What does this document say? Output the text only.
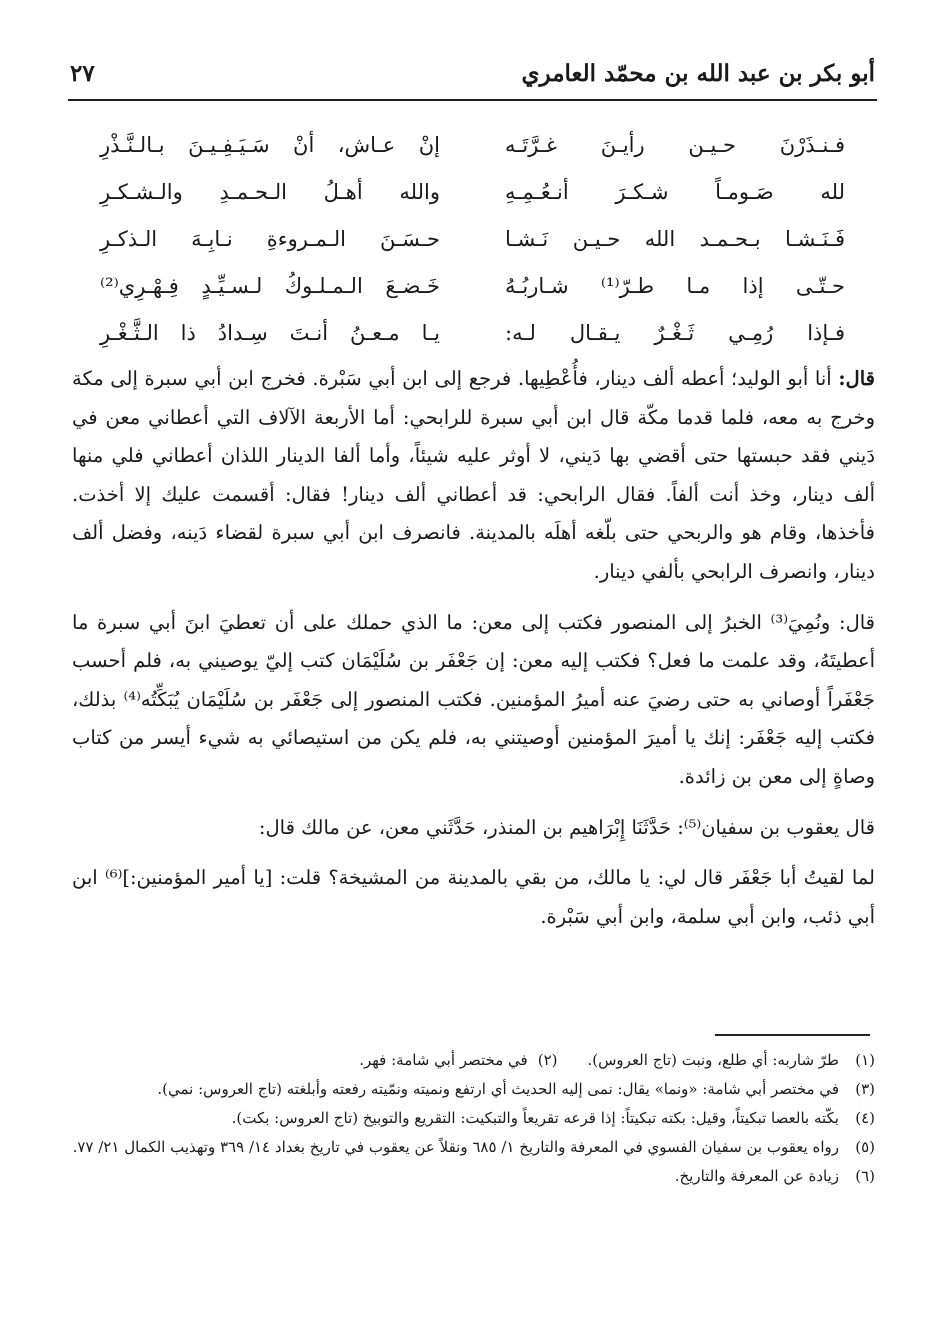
أبو بكر بن عبد الله بن محمّد العامري
٢٧
فـنـذَرْنَ حـيـن رأيـنَ غـرَّتَـه
إنْ عـاش، أنْ سَـيَـفِـيـنَ بـالـنَّـذْرِ
لله صَـومـاً شـكـرَ أنـعُـمِـهِ
والله أهـلُ الـحـمـدِ والـشـكـرِ
فَـنَـشـا بـحـمـد الله حـيـن نَـشـا
حـسَـنَ الـمـروءةِ نـابِـهَ الـذكـرِ
حـتّـى إذا مـا طـرّ⁽¹⁾ شـاربُـهُ
خَـضـعَ الـمـلـوكُ لـسـيِّـدٍ فِـهْـرِي⁽²⁾
فـإذا رُمِـي ثَـغْـرٌ يـقـال لـه:
يـا مـعـنُ أنـتَ سِـدادُ ذا الـثَّـغْـرِ

قال: أنا أبو الوليد؛ أعطه ألف دينار، فأُعْطِيها. فرجع إلى ابن أبي سَبْرة. فخرج ابن أبي سبرة إلى مكة وخرج به معه، فلما قدما مكّة قال ابن أبي سبرة للرابحي: أما الأربعة الآلاف التي أعطاني معن في دَيني فقد حبستها حتى أقضي بها دَيني، لا أوثر عليه شيئاً، وأما ألفا الدينار اللذان أعطاني فلي منها ألف دينار، وخذ أنت ألفاً. فقال الرابحي: قد أعطاني ألف دينار! فقال: أقسمت عليك إلا أخذت. فأخذها، وقام هو والربحي حتى بلّغه أهلَه بالمدينة. فانصرف ابن أبي سبرة لقضاء دَينه، وفضل ألف دينار، وانصرف الرابحي بألفي دينار.

قال: ونُمِيَ⁽³⁾ الخبرُ إلى المنصور فكتب إلى معن: ما الذي حملك على أن تعطيَ ابنَ أبي سبرة ما أعطيتَهُ، وقد علمت ما فعل؟ فكتب إليه معن: إن جَعْفَر بن سُلَيْمَان كتب إليّ يوصيني به، فلم أحسب جَعْفَراً أوصاني به حتى رضيَ عنه أميرُ المؤمنين. فكتب المنصور إلى جَعْفَر بن سُلَيْمَان يُبَكِّتُه⁽⁴⁾ بذلك، فكتب إليه جَعْفَر: إنك يا أميرَ المؤمنين أوصيتني به، فلم يكن من استيصائي به شيء أيسر من كتاب وصاةٍ إلى معن بن زائدة.

قال يعقوب بن سفيان⁽⁵⁾: حَدَّثَنَا إِبْرَاهيم بن المنذر، حَدَّثَني معن، عن مالك قال:

لما لقيتُ أبا جَعْفَر قال لي: يا مالك، من بقي بالمدينة من المشيخة؟ قلت: [يا أمير المؤمنين:]⁽⁶⁾ ابن أبي ذئب، وابن أبي سلمة، وابن أبي سَبْرة.

(١)
طرّ شاربه: أي طلع، ونبت (تاج العروس).
(٢)في مختصر أبي شامة: فهر.
(٣)
في مختصر أبي شامة: «ونما» يقال: نمى إليه الحديث أي ارتفع ونميته ونمّيته رفعته وأبلغته (تاج العروس: نمي).
(٤)
بكّته بالعصا تبكيتاً، وقيل: بكته تبكيتاً: إذا قرعه تقريعاً والتبكيت: التقريع والتوبيخ (تاج العروس: بكت).
(٥)
رواه يعقوب بن سفيان الفسوي في المعرفة والتاريخ ١/ ٦٨٥ ونقلاً عن يعقوب في تاريخ بغداد ١٤/ ٣٦٩ وتهذيب الكمال ٢١/ ٧٧.
(٦)
زيادة عن المعرفة والتاريخ.
